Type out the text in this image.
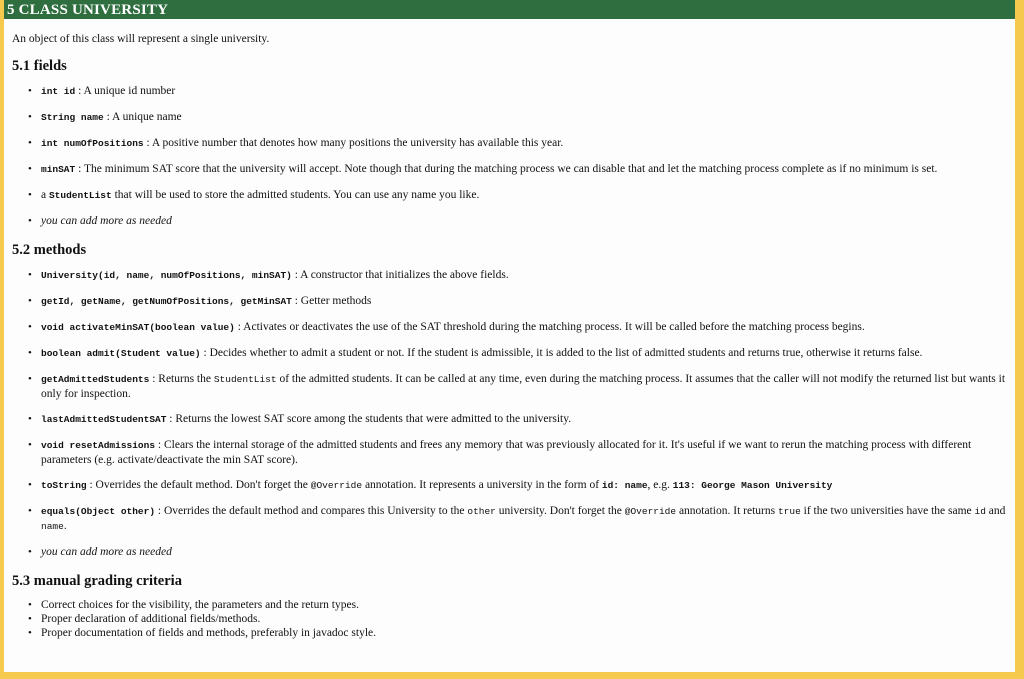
5 CLASS UNIVERSITY

An object of this class will represent a single university.

5.1 fields
• int id : A unique id number
• String name : A unique name
• int numOfPositions : A positive number that denotes how many positions the university has available this year.
• minSAT : The minimum SAT score that the university will accept. Note though that during the matching process we can disable that and let the matching process complete as if no minimum is set.
• a StudentList that will be used to store the admitted students. You can use any name you like.
• you can add more as needed
5.2 methods
• University(id, name, numOfPositions, minSAT) : A constructor that initializes the above fields.
• getId, getName, getNumOfPositions, getMinSAT : Getter methods
• void activateMinSAT(boolean value) : Activates or deactivates the use of the SAT threshold during the matching process. It will be called before the matching process begins.
• boolean admit(Student value) : Decides whether to admit a student or not. If the student is admissible, it is added to the list of admitted students and returns true, otherwise it returns false.
• getAdmittedStudents : Returns the StudentList of the admitted students. It can be called at any time, even during the matching process. It assumes that the caller will not modify the returned list but wants it only for inspection.
• lastAdmittedStudentSAT : Returns the lowest SAT score among the students that were admitted to the university.
• void resetAdmissions : Clears the internal storage of the admitted students and frees any memory that was previously allocated for it. It's useful if we want to rerun the matching process with different parameters (e.g. activate/deactivate the min SAT score).
• toString : Overrides the default method. Don't forget the @Override annotation. It represents a university in the form of id: name, e.g. 113: George Mason University
• equals(Object other) : Overrides the default method and compares this University to the other university. Don't forget the @Override annotation. It returns true if the two universities have the same id and name.
• you can add more as needed
5.3 manual grading criteria
• Correct choices for the visibility, the parameters and the return types.
• Proper declaration of additional fields/methods.
• Proper documentation of fields and methods, preferably in javadoc style.
